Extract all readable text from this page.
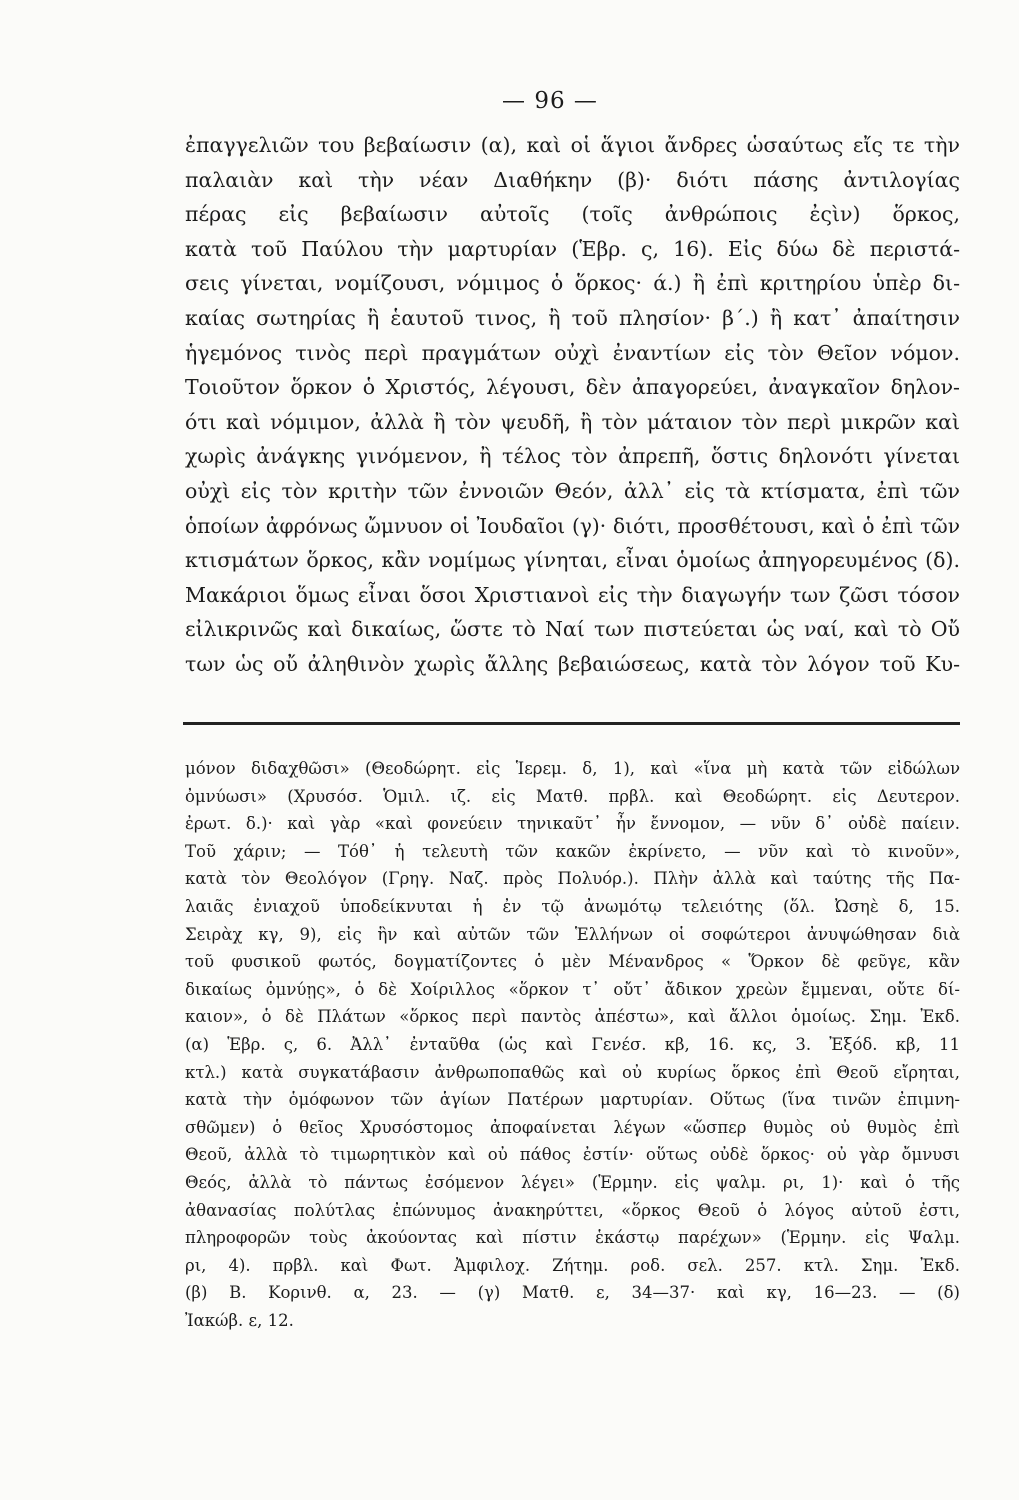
— 96 —
ἐπαγγελιῶν του βεβαίωσιν (α), καὶ οἱ ἅγιοι ἄνδρες ὡσαύτως εἴς τε τὴν
παλαιὰν καὶ τὴν νέαν Διαθήκην (β)· διότι πάσης ἀντιλογίας
πέρας εἰς βεβαίωσιν αὐτοῖς (τοῖς ἀνθρώποις ἐςὶν) ὅρκος,
κατὰ τοῦ Παύλου τὴν μαρτυρίαν (Ἑβρ. ς, 16). Εἰς δύω δὲ περιστά-
σεις γίνεται, νομίζουσι, νόμιμος ὁ ὅρκος· ά.) ἢ ἐπὶ κριτηρίου ὑπὲρ δι-
καίας σωτηρίας ἢ ἑαυτοῦ τινος, ἢ τοῦ πλησίον· β΄.) ἢ κατ᾽ ἀπαίτησιν
ἡγεμόνος τινὸς περὶ πραγμάτων οὐχὶ ἐναντίων εἰς τὸν Θεῖον νόμον.
Τοιοῦτον ὅρκον ὁ Χριστός, λέγουσι, δὲν ἀπαγορεύει, ἀναγκαῖον δηλον-
ότι καὶ νόμιμον, ἀλλὰ ἢ τὸν ψευδῆ, ἢ τὸν μάταιον τὸν περὶ μικρῶν καὶ
χωρὶς ἀνάγκης γινόμενον, ἢ τέλος τὸν ἀπρεπῆ, ὅστις δηλονότι γίνεται
οὐχὶ εἰς τὸν κριτὴν τῶν ἐννοιῶν Θεόν, ἀλλ᾽ εἰς τὰ κτίσματα, ἐπὶ τῶν
ὁποίων ἀφρόνως ὤμνυον οἱ Ἰουδαῖοι (γ)· διότι, προσθέτουσι, καὶ ὁ ἐπὶ τῶν
κτισμάτων ὅρκος, κἂν νομίμως γίνηται, εἶναι ὁμοίως ἀπηγορευμένος (δ).
Μακάριοι ὅμως εἶναι ὅσοι Χριστιανοὶ εἰς τὴν διαγωγήν των ζῶσι τόσον
εἰλικρινῶς καὶ δικαίως, ὥστε τὸ Ναί των πιστεύεται ὡς ναί, καὶ τὸ Οὔ
των ὡς οὔ ἀληθινὸν χωρὶς ἄλλης βεβαιώσεως, κατὰ τὸν λόγον τοῦ Κυ-
μόνον διδαχθῶσι» (Θεοδώρητ. εἰς Ἱερεμ. δ, 1), καὶ «ἵνα μὴ κατὰ τῶν εἰδώλων
ὀμνύωσι» (Χρυσόσ. Ὁμιλ. ιζ. εἰς Ματθ. πρβλ. καὶ Θεοδώρητ. εἰς Δευτερον.
ἐρωτ. δ.)· καὶ γὰρ «καὶ φονεύειν τηνικαῦτ᾽ ἦν ἔννομον, — νῦν δ᾽ οὐδὲ παίειν.
Τοῦ χάριν; — Τόθ᾽ ἡ τελευτὴ τῶν κακῶν ἐκρίνετο, — νῦν καὶ τὸ κινοῦν»,
κατὰ τὸν Θεολόγον (Γρηγ. Ναζ. πρὸς Πολυόρ.). Πλὴν ἀλλὰ καὶ ταύτης τῆς Πα-
λαιᾶς ἐνιαχοῦ ὑποδείκνυται ἡ ἐν τῷ ἀνωμότῳ τελειότης (ὅλ. Ὠσηὲ δ, 15.
Σειρὰχ κγ, 9), εἰς ἣν καὶ αὐτῶν τῶν Ἑλλήνων οἱ σοφώτεροι ἀνυψώθησαν διὰ
τοῦ φυσικοῦ φωτός, δογματίζοντες ὁ μὲν Μένανδρος « Ὅρκον δὲ φεῦγε, κἂν
δικαίως ὀμνύῃς», ὁ δὲ Χοίριλλος «ὅρκον τ᾽ οὔτ᾽ ἄδικον χρεὼν ἔμμεναι, οὔτε δί-
καιον», ὁ δὲ Πλάτων «ὅρκος περὶ παντὸς ἀπέστω», καὶ ἄλλοι ὁμοίως. Σημ. Ἐκδ.
(α) Ἑβρ. ς, 6. Ἀλλ᾽ ἐνταῦθα (ὡς καὶ Γενέσ. κβ, 16. κς, 3. Ἐξόδ. κβ, 11
κτλ.) κατὰ συγκατάβασιν ἀνθρωποπαθῶς καὶ οὐ κυρίως ὅρκος ἐπὶ Θεοῦ εἴρηται,
κατὰ τὴν ὁμόφωνον τῶν ἁγίων Πατέρων μαρτυρίαν. Οὕτως (ἵνα τινῶν ἐπιμνη-
σθῶμεν) ὁ θεῖος Χρυσόστομος ἀποφαίνεται λέγων «ὥσπερ θυμὸς οὐ θυμὸς ἐπὶ
Θεοῦ, ἀλλὰ τὸ τιμωρητικὸν καὶ οὐ πάθος ἐστίν· οὕτως οὐδὲ ὅρκος· οὐ γὰρ ὄμνυσι
Θεός, ἀλλὰ τὸ πάντως ἐσόμενον λέγει» (Ἑρμην. εἰς ψαλμ. ρι, 1)· καὶ ὁ τῆς
ἀθανασίας πολύτλας ἐπώνυμος ἀνακηρύττει, «ὅρκος Θεοῦ ὁ λόγος αὐτοῦ ἐστι,
πληροφορῶν τοὺς ἀκούοντας καὶ πίστιν ἑκάστῳ παρέχων» (Ἑρμην. εἰς Ψαλμ.
ρι, 4). πρβλ. καὶ Φωτ. Ἀμφιλοχ. Ζήτημ. ροδ. σελ. 257. κτλ. Σημ. Ἐκδ.
(β) Β. Κορινθ. α, 23. — (γ) Ματθ. ε, 34—37· καὶ κγ, 16—23. — (δ)
Ἰακώβ. ε, 12.
